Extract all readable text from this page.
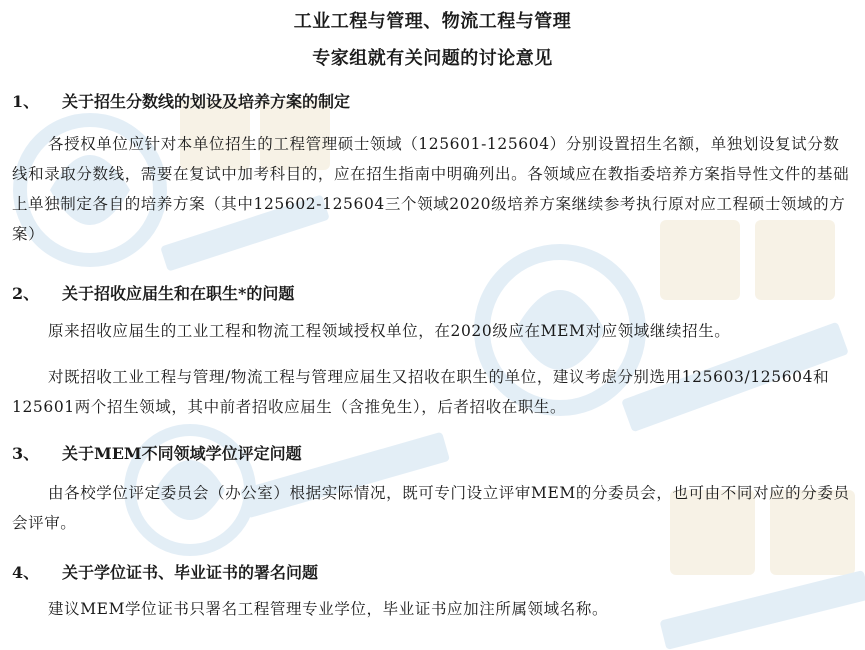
工业工程与管理、物流工程与管理
专家组就有关问题的讨论意见
1、 关于招生分数线的划设及培养方案的制定
各授权单位应针对本单位招生的工程管理硕士领域（125601-125604）分别设置招生名额，单独划设复试分数线和录取分数线，需要在复试中加考科目的，应在招生指南中明确列出。各领域应在教指委培养方案指导性文件的基础上单独制定各自的培养方案（其中125602-125604三个领域2020级培养方案继续参考执行原对应工程硕士领域的方案）
2、 关于招收应届生和在职生*的问题
原来招收应届生的工业工程和物流工程领域授权单位，在2020级应在MEM对应领域继续招生。
对既招收工业工程与管理/物流工程与管理应届生又招收在职生的单位，建议考虑分别选用125603/125604和125601两个招生领域，其中前者招收应届生（含推免生），后者招收在职生。
3、 关于MEM不同领域学位评定问题
由各校学位评定委员会（办公室）根据实际情况，既可专门设立评审MEM的分委员会，也可由不同对应的分委员会评审。
4、 关于学位证书、毕业证书的署名问题
建议MEM学位证书只署名工程管理专业学位，毕业证书应加注所属领域名称。
